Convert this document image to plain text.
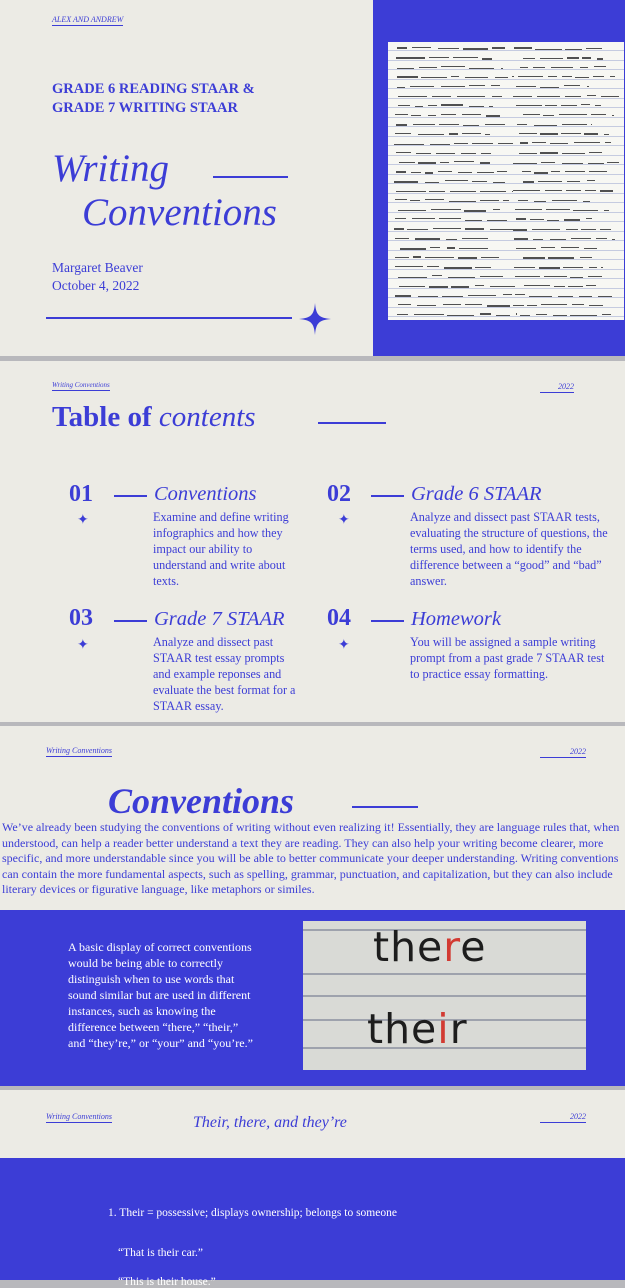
ALEX AND ANDREW
GRADE 6 READING STAAR &
GRADE 7 WRITING STAAR
Writing
Conventions
Margaret Beaver
October 4, 2022
Writing Conventions	2022
Table of contents
01
✦
Conventions
Examine and define writing infographics and how they impact our ability to understand and write about texts.
02
✦
Grade 6 STAAR
Analyze and dissect past STAAR tests, evaluating the structure of questions, the terms used, and how to identify the difference between a “good” and “bad” answer.
03
✦
Grade 7 STAAR
Analyze and dissect past STAAR test essay prompts and example reponses and evaluate the best format for a STAAR essay.
04
✦
Homework
You will be assigned a sample writing prompt from a past grade 7 STAAR test to practice essay formatting.
Writing Conventions	2022
Conventions
We’ve already been studying the conventions of writing without even realizing it! Essentially, they are language rules that, when understood, can help a reader better understand a text they are reading. They can also help your writing become clearer, more specific, and more understandable since you will be able to better communicate your deeper understanding. Writing conventions can contain the more fundamental aspects, such as spelling, grammar, punctuation, and capitalization, but they can also include literary devices or figurative language, like metaphors or similes.
A basic display of correct conventions would be being able to correctly distinguish when to use words that sound similar but are used in different instances, such as knowing the difference between “there,” “their,” and “they’re,” or “your” and “you’re.”
there
their
Writing Conventions	2022
Their, there, and they’re
1. Their = possessive; displays ownership; belongs to someone
“That is their car.”
“This is their house.”
